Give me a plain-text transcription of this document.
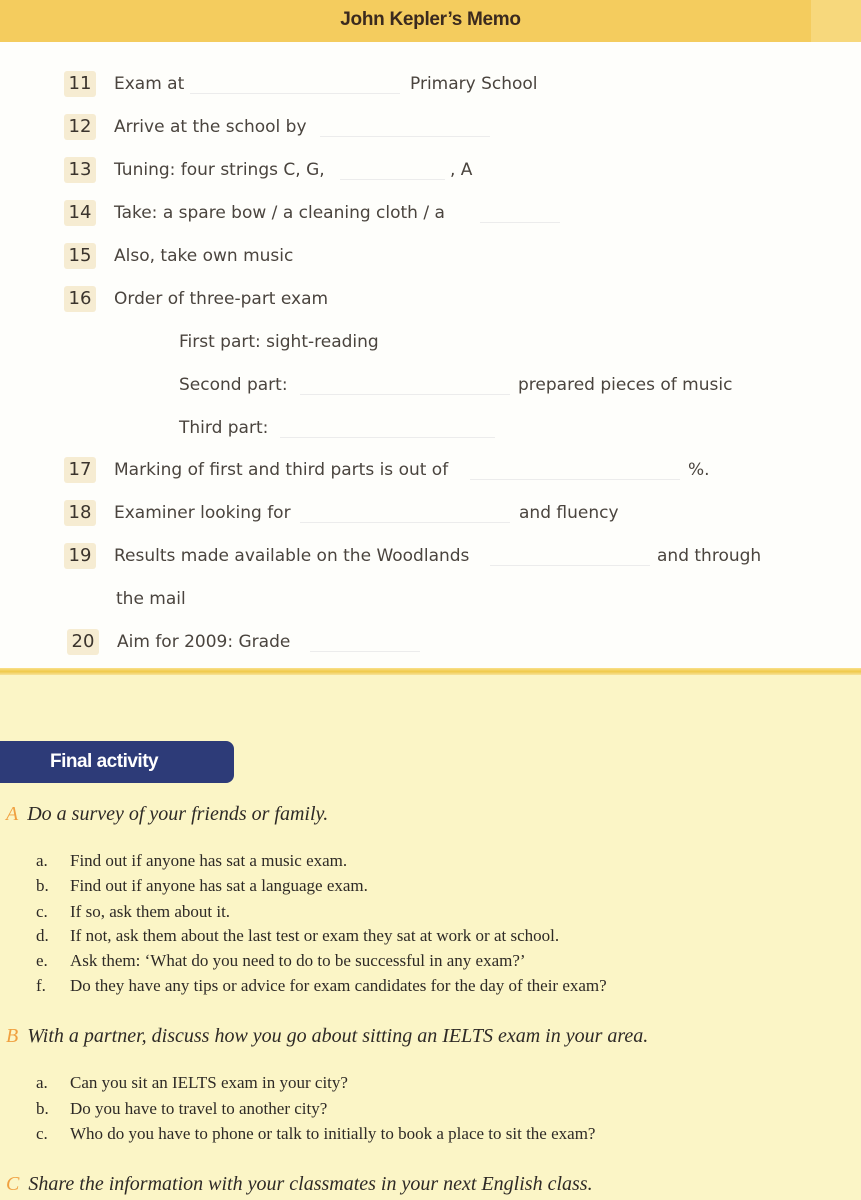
John Kepler’s Memo
11 Exam at	Primary School
12 Arrive at the school by
13 Tuning: four strings C, G,	, A
14 Take: a spare bow / a cleaning cloth / a
15 Also, take own music
16 Order of three-part exam
First part: sight-reading
Second part:	prepared pieces of music
Third part:
17 Marking of first and third parts is out of	%.
18 Examiner looking for	and fluency
19 Results made available on the Woodlands	and through
the mail
20 Aim for 2009: Grade
Final activity
A Do a survey of your friends or family.
a. Find out if anyone has sat a music exam.
b. Find out if anyone has sat a language exam.
c. If so, ask them about it.
d. If not, ask them about the last test or exam they sat at work or at school.
e. Ask them: ‘What do you need to do to be successful in any exam?’
f. Do they have any tips or advice for exam candidates for the day of their exam?
B With a partner, discuss how you go about sitting an IELTS exam in your area.
a. Can you sit an IELTS exam in your city?
b. Do you have to travel to another city?
c. Who do you have to phone or talk to initially to book a place to sit the exam?
C Share the information with your classmates in your next English class.
